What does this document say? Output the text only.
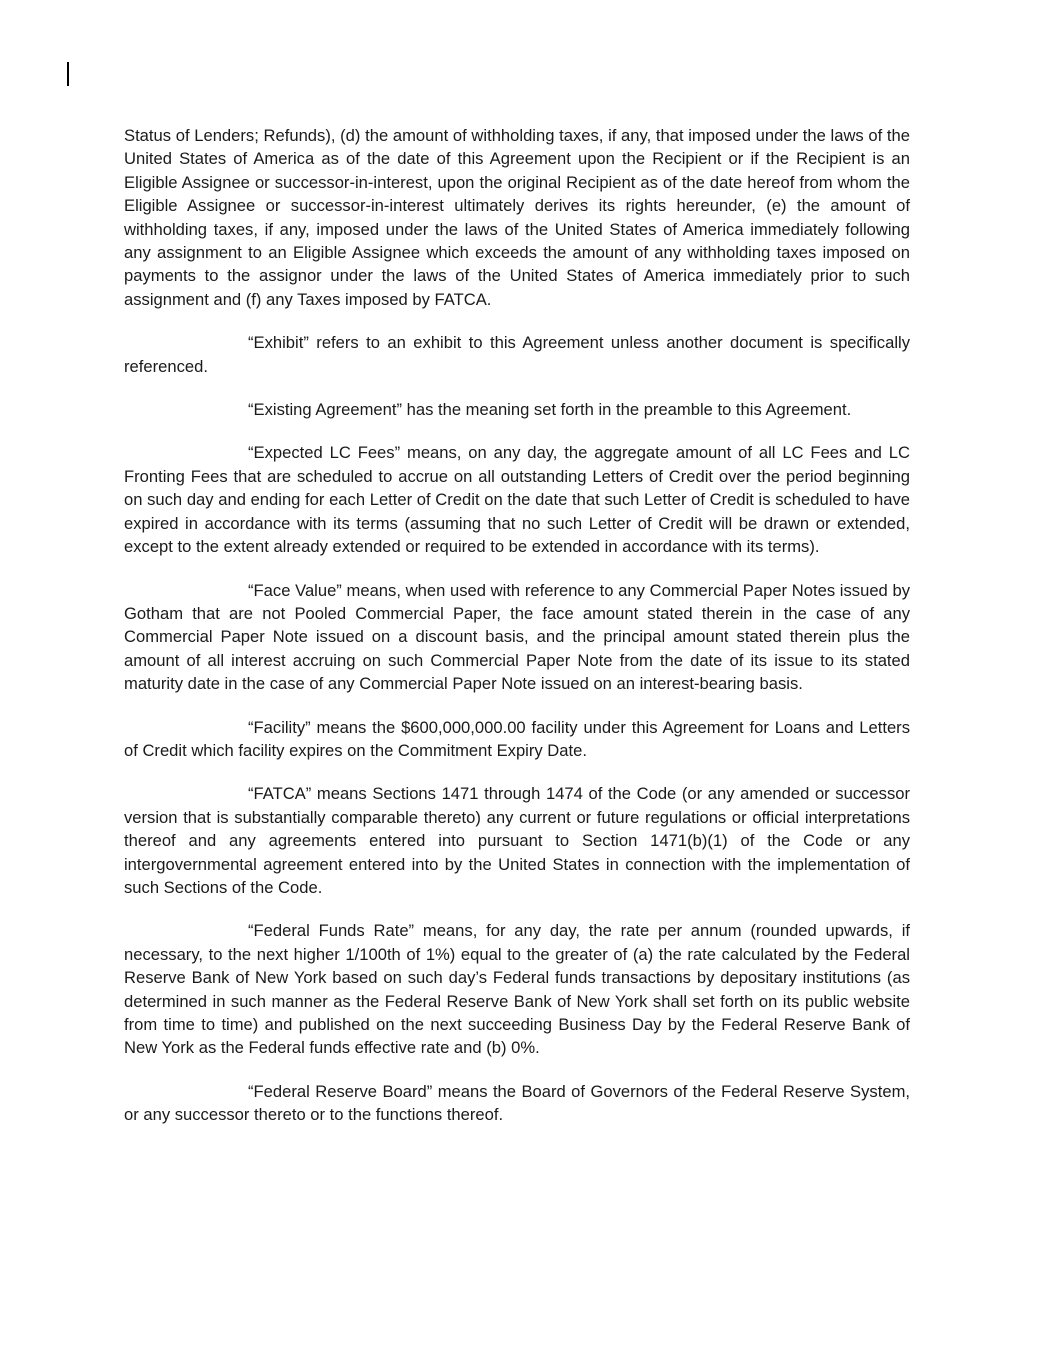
Status of Lenders; Refunds), (d) the amount of withholding taxes, if any, that imposed under the laws of the United States of America as of the date of this Agreement upon the Recipient or if the Recipient is an Eligible Assignee or successor-in-interest, upon the original Recipient as of the date hereof from whom the Eligible Assignee or successor-in-interest ultimately derives its rights hereunder, (e) the amount of withholding taxes, if any, imposed under the laws of the United States of America immediately following any assignment to an Eligible Assignee which exceeds the amount of any withholding taxes imposed on payments to the assignor under the laws of the United States of America immediately prior to such assignment and (f) any Taxes imposed by FATCA.

“Exhibit” refers to an exhibit to this Agreement unless another document is specifically referenced.

“Existing Agreement” has the meaning set forth in the preamble to this Agreement.

“Expected LC Fees” means, on any day, the aggregate amount of all LC Fees and LC Fronting Fees that are scheduled to accrue on all outstanding Letters of Credit over the period beginning on such day and ending for each Letter of Credit on the date that such Letter of Credit is scheduled to have expired in accordance with its terms (assuming that no such Letter of Credit will be drawn or extended, except to the extent already extended or required to be extended in accordance with its terms).

“Face Value” means, when used with reference to any Commercial Paper Notes issued by Gotham that are not Pooled Commercial Paper, the face amount stated therein in the case of any Commercial Paper Note issued on a discount basis, and the principal amount stated therein plus the amount of all interest accruing on such Commercial Paper Note from the date of its issue to its stated maturity date in the case of any Commercial Paper Note issued on an interest-bearing basis.

“Facility” means the $600,000,000.00 facility under this Agreement for Loans and Letters of Credit which facility expires on the Commitment Expiry Date.

“FATCA” means Sections 1471 through 1474 of the Code (or any amended or successor version that is substantially comparable thereto) any current or future regulations or official interpretations thereof and any agreements entered into pursuant to Section 1471(b)(1) of the Code or any intergovernmental agreement entered into by the United States in connection with the implementation of such Sections of the Code.

“Federal Funds Rate” means, for any day, the rate per annum (rounded upwards, if necessary, to the next higher 1/100th of 1%) equal to the greater of (a) the rate calculated by the Federal Reserve Bank of New York based on such day’s Federal funds transactions by depositary institutions (as determined in such manner as the Federal Reserve Bank of New York shall set forth on its public website from time to time) and published on the next succeeding Business Day by the Federal Reserve Bank of New York as the Federal funds effective rate and (b) 0%.

“Federal Reserve Board” means the Board of Governors of the Federal Reserve System, or any successor thereto or to the functions thereof.
